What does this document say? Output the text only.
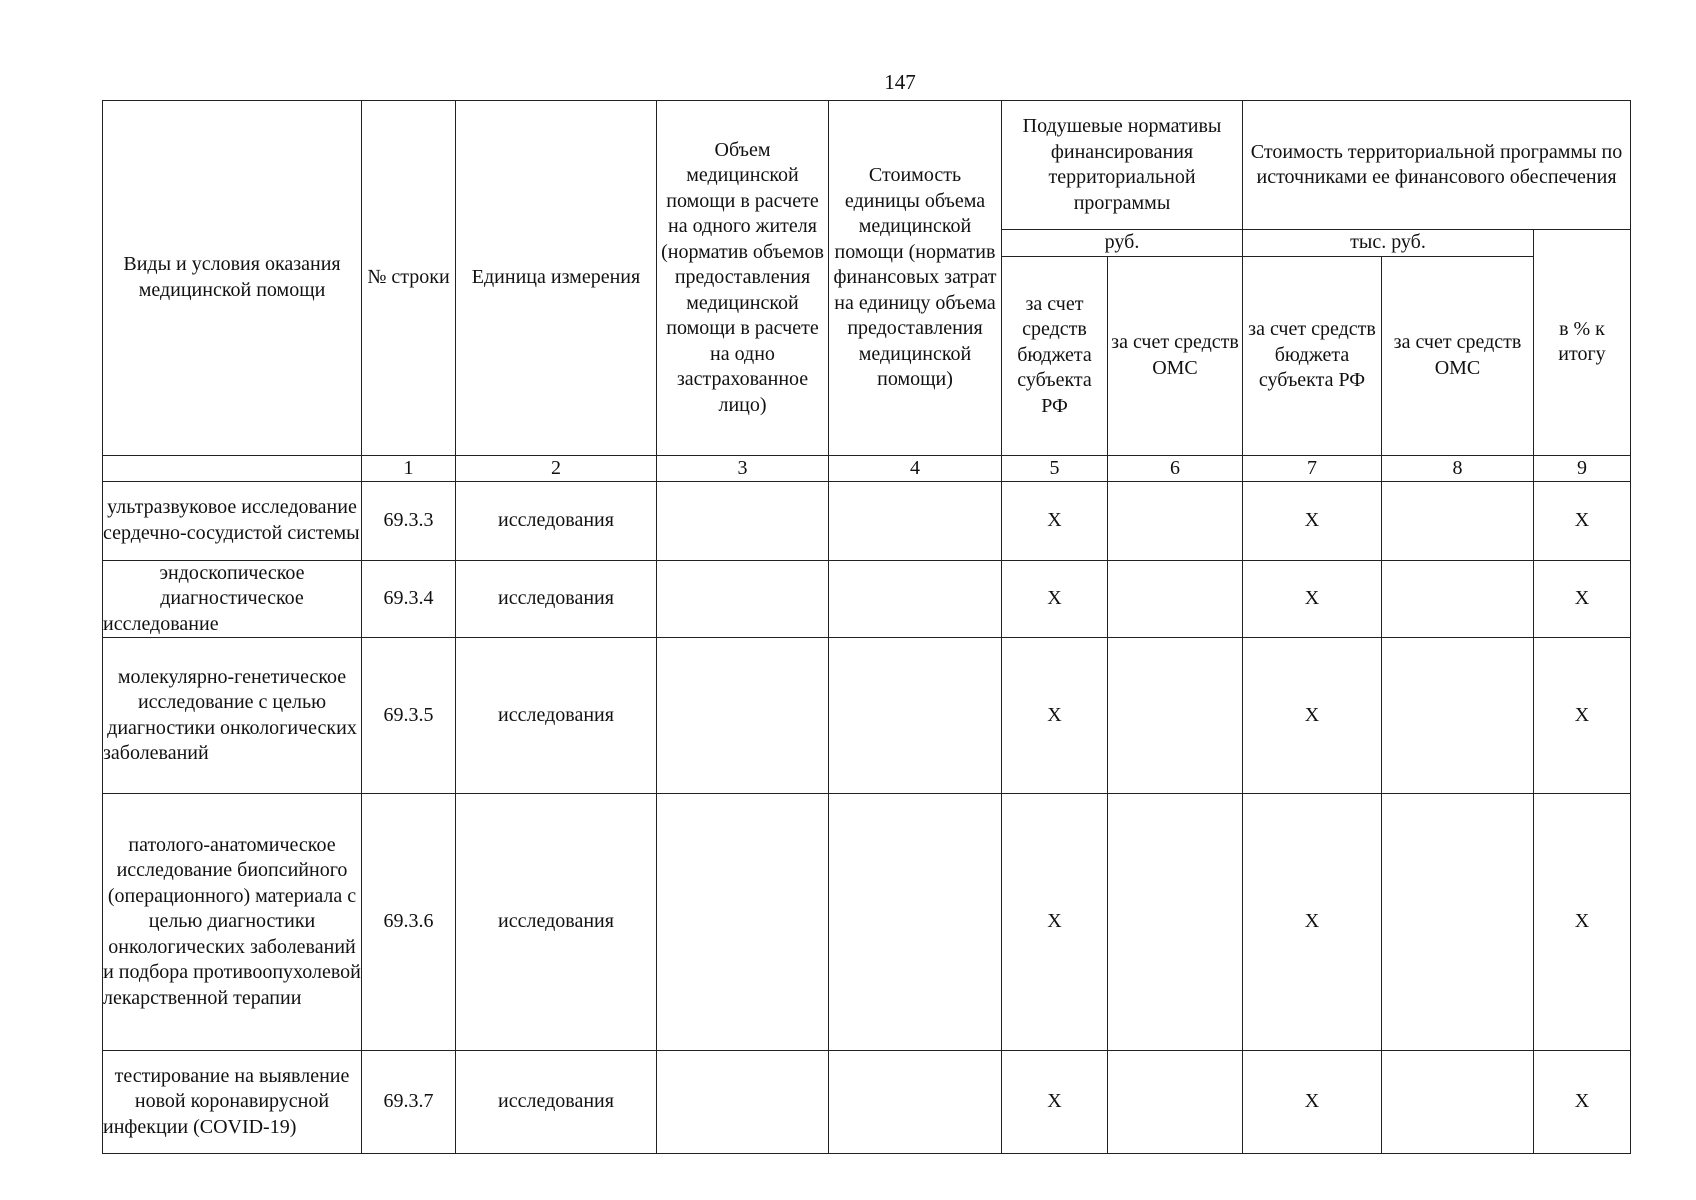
147
Виды и условия оказания медицинской помощи	№ строки	Единица измерения	Объем медицинской помощи в расчете на одного жителя (норматив объемов предоставления медицинской помощи в расчете на одно застрахованное лицо)	Стоимость единицы объема медицинской помощи (норматив финансовых затрат на единицу объема предоставления медицинской помощи)	Подушевые нормативы финансирования территориальной программы		Стоимость территориальной программы по источниками ее финансового обеспечения		
					руб.		тыс. руб.		в % к итогу
					за счет средств бюджета субъекта РФ	за счет средств ОМС	за счет средств бюджета субъекта РФ	за счет средств ОМС	
	1	2	3	4	5	6	7	8	9
ультразвуковое исследование сердечно-сосудистой системы	69.3.3	исследования			X		X		X
эндоскопическое диагностическое исследование	69.3.4	исследования			X		X		X
молекулярно-генетическое исследование с целью диагностики онкологических заболеваний	69.3.5	исследования			X		X		X
патолого-анатомическое исследование биопсийного (операционного) материала с целью диагностики онкологических заболеваний и подбора противоопухолевой лекарственной терапии	69.3.6	исследования			X		X		X
тестирование на выявление новой коронавирусной инфекции (COVID-19)	69.3.7	исследования			X		X		X
